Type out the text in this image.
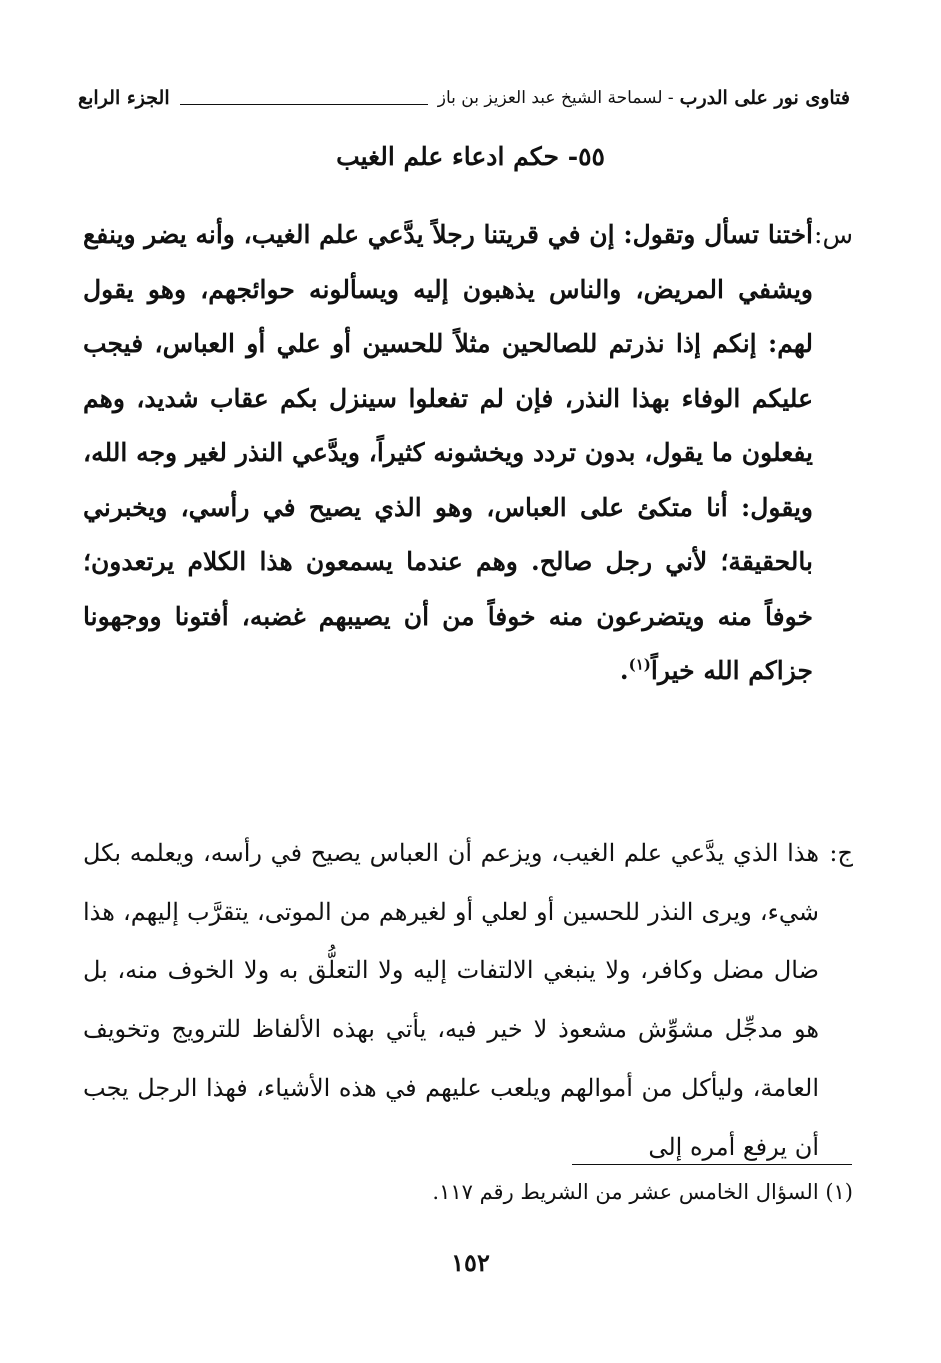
فتاوى نور على الدرب
- لسماحة الشيخ عبد العزيز بن باز
الجزء الرابع
٥٥- حكم ادعاء علم الغيب
س:
أختنا تسأل وتقول: إن في قريتنا رجلاً يدَّعي علم الغيب، وأنه يضر وينفع ويشفي المريض، والناس يذهبون إليه ويسألونه حوائجهم، وهو يقول لهم: إنكم إذا نذرتم للصالحين مثلاً للحسين أو علي أو العباس، فيجب عليكم الوفاء بهذا النذر، فإن لم تفعلوا سينزل بكم عقاب شديد، وهم يفعلون ما يقول، بدون تردد ويخشونه كثيراً، ويدَّعي النذر لغير وجه الله، ويقول: أنا متكئ على العباس، وهو الذي يصيح في رأسي، ويخبرني بالحقيقة؛ لأني رجل صالح. وهم عندما يسمعون هذا الكلام يرتعدون؛ خوفاً منه ويتضرعون منه خوفاً من أن يصيبهم غضبه، أفتونا ووجهونا جزاكم الله خيراً$^{(١)}$.
ج:
هذا الذي يدَّعي علم الغيب، ويزعم أن العباس يصيح في رأسه، ويعلمه بكل شيء، ويرى النذر للحسين أو لعلي أو لغيرهم من الموتى، يتقرَّب إليهم، هذا ضال مضل وكافر، ولا ينبغي الالتفات إليه ولا التعلُّق به ولا الخوف منه، بل هو مدجِّل مشوِّش مشعوذ لا خير فيه، يأتي بهذه الألفاظ للترويج وتخويف العامة، وليأكل من أموالهم ويلعب عليهم في هذه الأشياء، فهذا الرجل يجب أن يرفع أمره إلى
(١) السؤال الخامس عشر من الشريط رقم ١١٧.
١٥٢
